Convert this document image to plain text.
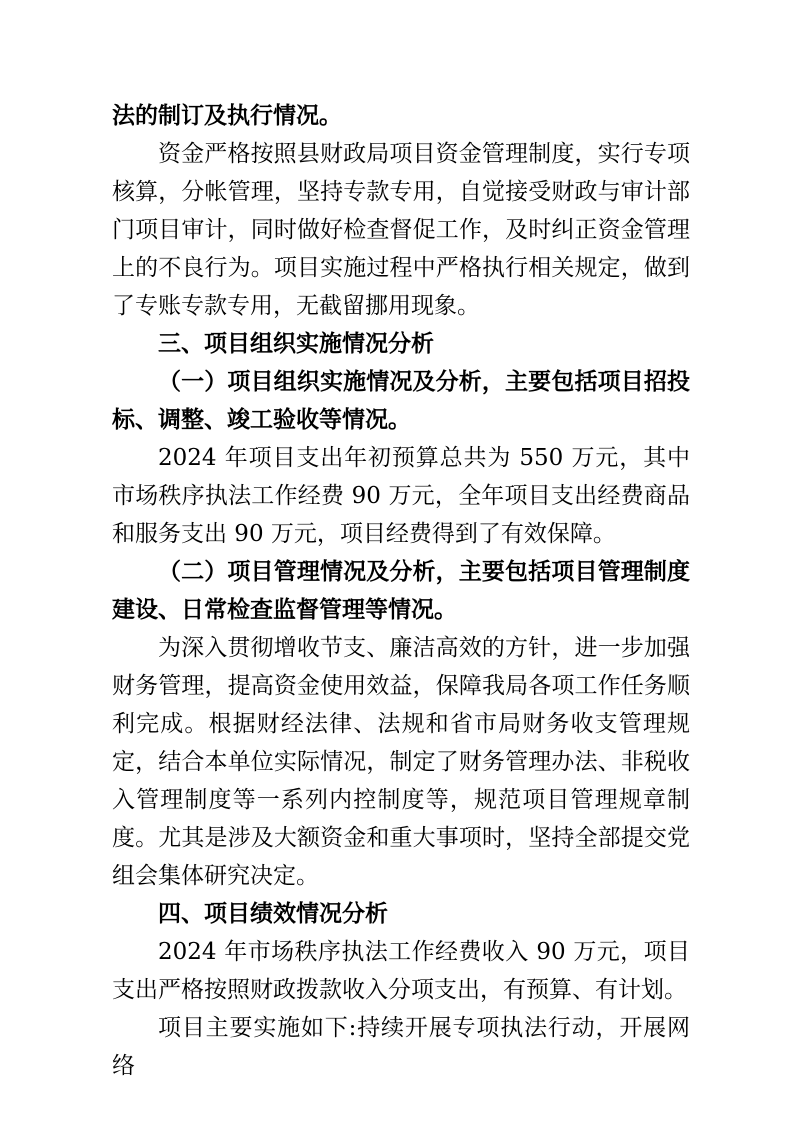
法的制订及执行情况。

资金严格按照县财政局项目资金管理制度，实行专项核算，分帐管理，坚持专款专用，自觉接受财政与审计部门项目审计，同时做好检查督促工作，及时纠正资金管理上的不良行为。项目实施过程中严格执行相关规定，做到了专账专款专用，无截留挪用现象。

三、项目组织实施情况分析

（一）项目组织实施情况及分析，主要包括项目招投标、调整、竣工验收等情况。

2024 年项目支出年初预算总共为 550 万元，其中市场秩序执法工作经费 90 万元，全年项目支出经费商品和服务支出 90 万元，项目经费得到了有效保障。

（二）项目管理情况及分析，主要包括项目管理制度建设、日常检查监督管理等情况。

为深入贯彻增收节支、廉洁高效的方针，进一步加强财务管理，提高资金使用效益，保障我局各项工作任务顺利完成。根据财经法律、法规和省市局财务收支管理规定，结合本单位实际情况，制定了财务管理办法、非税收入管理制度等一系列内控制度等，规范项目管理规章制度。尤其是涉及大额资金和重大事项时，坚持全部提交党组会集体研究决定。

四、项目绩效情况分析

2024 年市场秩序执法工作经费收入 90 万元，项目支出严格按照财政拨款收入分项支出，有预算、有计划。

项目主要实施如下:持续开展专项执法行动，开展网络
